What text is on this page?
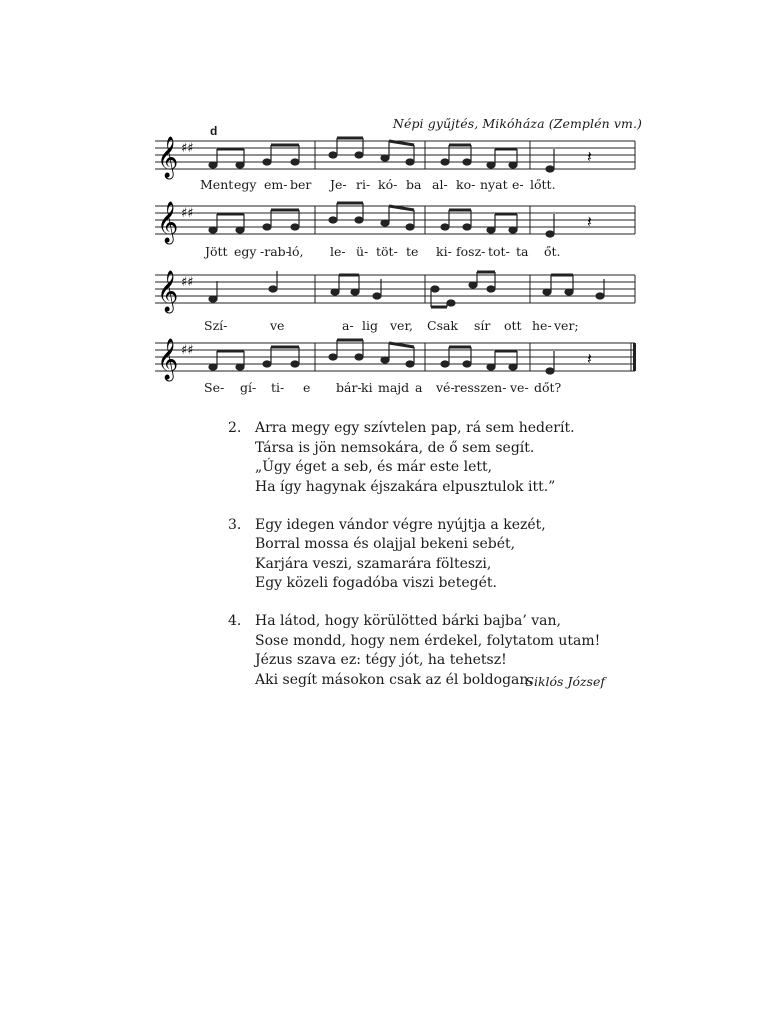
Népi gyűjtés, Mikóháza (Zemplén vm.)
d
𝄞 ♯♯	𝄽
Ment egy em- ber Je- ri- kó- ba al- ko- nyat e- lőtt.
𝄞 ♯♯	𝄽
Jött egy -rab-
ló, le- ü- töt- te ki- fosz- tot- ta őt.
𝄞 ♯♯
Szí-	ve	a- lig ver, Csak sír ott he- ver;
𝄞 ♯♯	𝄽
Se- gí- ti- e bár- ki majd a vé- resszen- ve- dőt?
2. Arra megy egy szívtelen pap, rá sem hederít.
Társa is jön nemsokára, de ő sem segít.
„Úgy éget a seb, és már este lett,
Ha így hagynak éjszakára elpusztulok itt.”
3. Egy idegen vándor végre nyújtja a kezét,
Borral mossa és olajjal bekeni sebét,
Karjára veszi, szamarára fölteszi,
Egy közeli fogadóba viszi betegét.
4. Ha látod, hogy körülötted bárki bajba’ van,
Sose mondd, hogy nem érdekel, folytatom utam!
Jézus szava ez: tégy jót, ha tehetsz!
Aki segít másokon csak az él boldogan.
Siklós József
